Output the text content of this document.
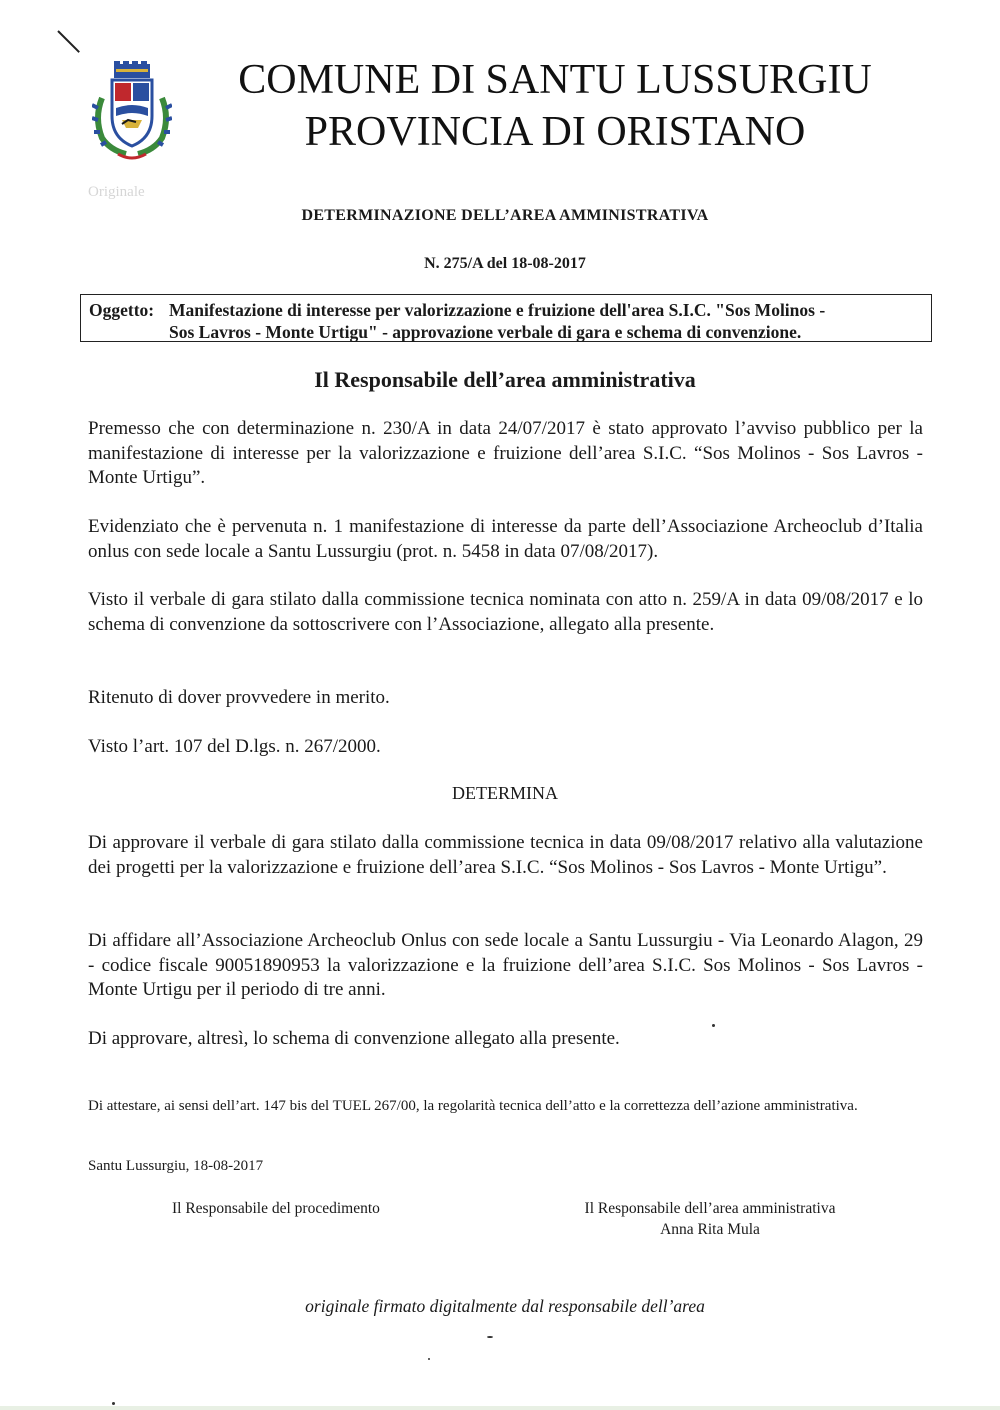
Originale
COMUNE DI SANTU LUSSURGIU
PROVINCIA DI ORISTANO
DETERMINAZIONE DELL’AREA AMMINISTRATIVA
N. 275/A del 18-08-2017
Oggetto: Manifestazione di interesse per valorizzazione e fruizione dell'area S.I.C. "Sos Molinos -
Sos Lavros - Monte Urtigu" - approvazione verbale di gara e schema di convenzione.
Il Responsabile dell’area amministrativa
Premesso che con determinazione n. 230/A in data 24/07/2017 è stato approvato l’avviso pubblico per la manifestazione di interesse per la valorizzazione e fruizione dell’area S.I.C. “Sos Molinos - Sos Lavros - Monte Urtigu”.
Evidenziato che è pervenuta n. 1 manifestazione di interesse da parte dell’Associazione Archeoclub d’Italia onlus con sede locale a Santu Lussurgiu (prot. n. 5458 in data 07/08/2017).
Visto il verbale di gara stilato dalla commissione tecnica nominata con atto n. 259/A in data 09/08/2017 e lo schema di convenzione da sottoscrivere con l’Associazione, allegato alla presente.
Ritenuto di dover provvedere in merito.
Visto l’art. 107 del D.lgs. n. 267/2000.
DETERMINA
Di approvare il verbale di gara stilato dalla commissione tecnica in data 09/08/2017 relativo alla valutazione dei progetti per la valorizzazione e fruizione dell’area S.I.C. “Sos Molinos - Sos Lavros - Monte Urtigu”.
Di affidare all’Associazione Archeoclub Onlus con sede locale a Santu Lussurgiu - Via Leonardo Alagon, 29 - codice fiscale 90051890953 la valorizzazione e la fruizione dell’area S.I.C. Sos Molinos - Sos Lavros - Monte Urtigu per il periodo di tre anni.
Di approvare, altresì, lo schema di convenzione allegato alla presente.
Di attestare, ai sensi dell’art. 147 bis del TUEL 267/00, la regolarità tecnica dell’atto e la correttezza dell’azione amministrativa.
Santu Lussurgiu, 18-08-2017
Il Responsabile del procedimento	Il Responsabile dell’area amministrativa
Anna Rita Mula
originale firmato digitalmente dal responsabile dell’area
